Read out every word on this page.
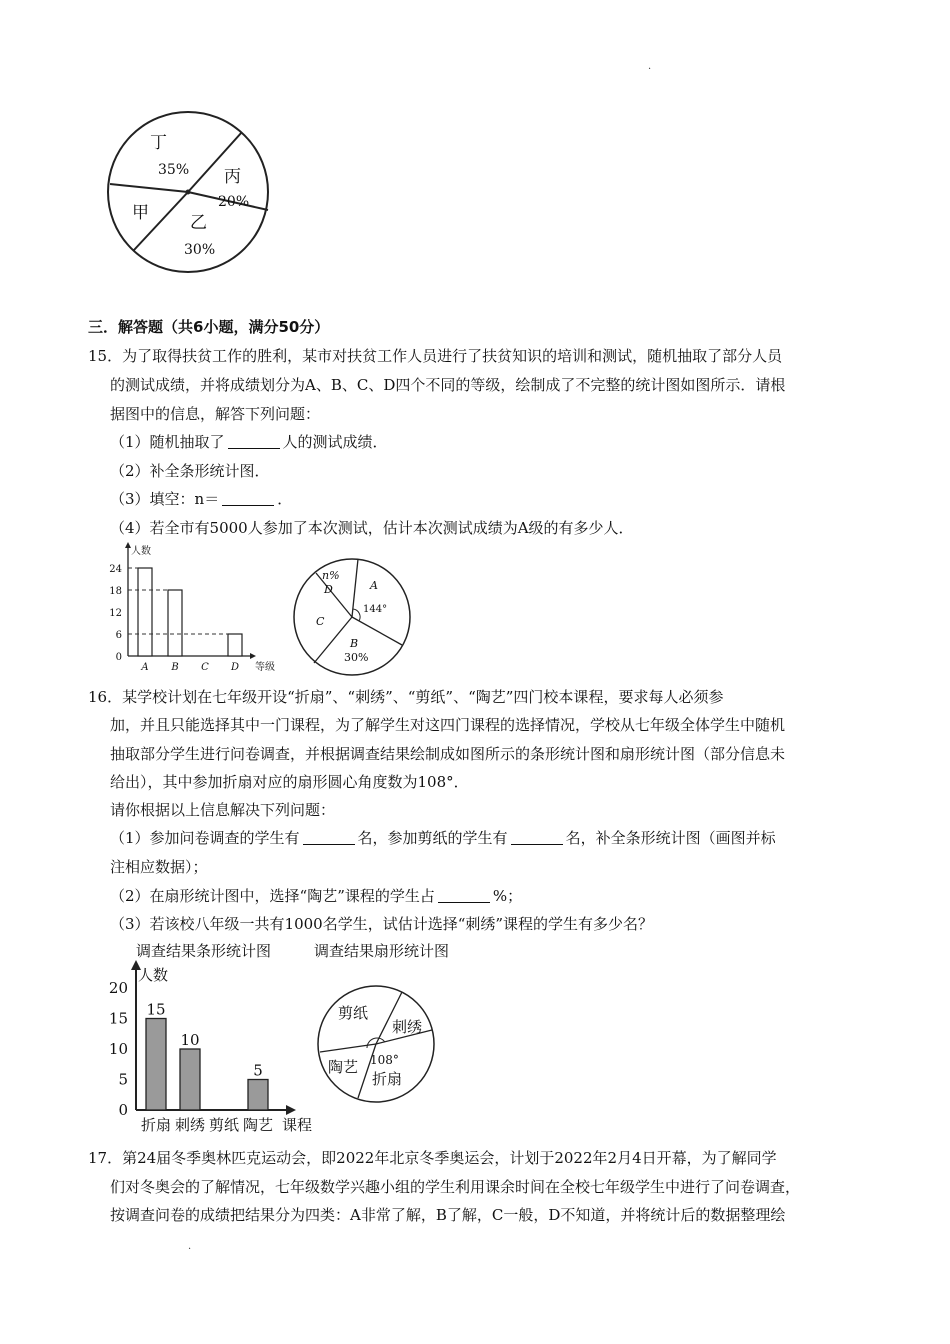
·
丁
35% 丙
20%
甲 乙
30%
三．解答题（共6小题，满分50分）
15．为了取得扶贫工作的胜利，某市对扶贫工作人员进行了扶贫知识的培训和测试，随机抽取了部分人员
的测试成绩，并将成绩划分为A、B、C、D四个不同的等级，绘制成了不完整的统计图如图所示．请根
据图中的信息，解答下列问题：
（1）随机抽取了	人的测试成绩．
（2）补全条形统计图．
（3）填空：n＝	．
（4）若全市有5000人参加了本次测试，估计本次测试成绩为A级的有多少人．
人数
等级
0
6
12
18
24
A B C D
n%
D	A
144°
C
B
30%
16．某学校计划在七年级开设“折扇”、“刺绣”、“剪纸”、“陶艺”四门校本课程，要求每人必须参
加，并且只能选择其中一门课程，为了解学生对这四门课程的选择情况，学校从七年级全体学生中随机
抽取部分学生进行问卷调查，并根据调查结果绘制成如图所示的条形统计图和扇形统计图（部分信息未
给出），其中参加折扇对应的扇形圆心角度数为108°．
请你根据以上信息解决下列问题：
（1）参加问卷调查的学生有	名，参加剪纸的学生有	名，补全条形统计图（画图并标
注相应数据）；
（2）在扇形统计图中，选择“陶艺”课程的学生占	%；
（3）若该校八年级一共有1000名学生，试估计选择“刺绣”课程的学生有多少名？
调查结果条形统计图	调查结果扇形统计图
人数
课程
0
5
10
15
20
15
折扇
10
刺绣 剪纸
5
陶艺
剪纸
刺绣
陶艺 108°
折扇
17．第24届冬季奥林匹克运动会，即2022年北京冬季奥运会，计划于2022年2月4日开幕，为了解同学
们对冬奥会的了解情况，七年级数学兴趣小组的学生利用课余时间在全校七年级学生中进行了问卷调查，
按调查问卷的成绩把结果分为四类：A非常了解，B了解，C一般，D不知道，并将统计后的数据整理绘
·
